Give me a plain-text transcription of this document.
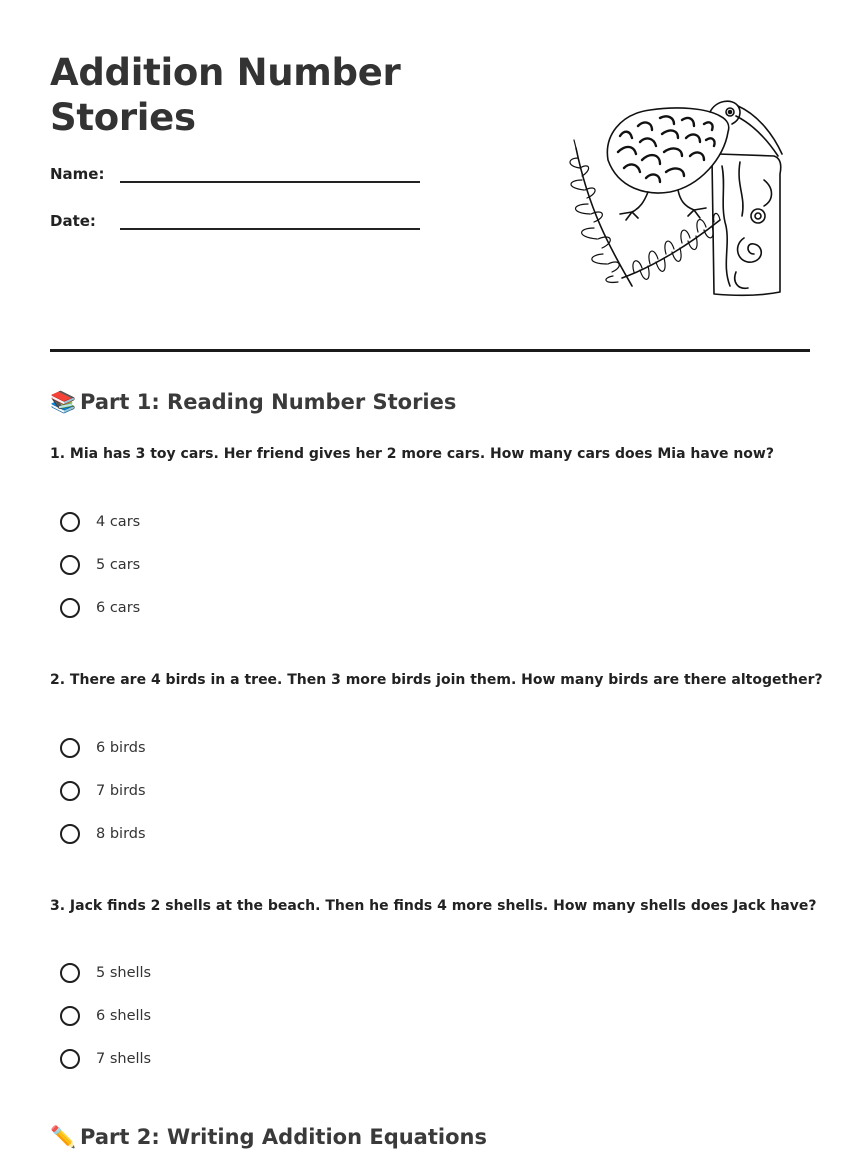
Addition Number Stories
Name:
Date:
📚 Part 1: Reading Number Stories

1. Mia has 3 toy cars. Her friend gives her 2 more cars. How many cars does Mia have now?

4 cars
5 cars
6 cars

2. There are 4 birds in a tree. Then 3 more birds join them. How many birds are there altogether?

6 birds
7 birds
8 birds

3. Jack finds 2 shells at the beach. Then he finds 4 more shells. How many shells does Jack have?

5 shells
6 shells
7 shells
✏️ Part 2: Writing Addition Equations
